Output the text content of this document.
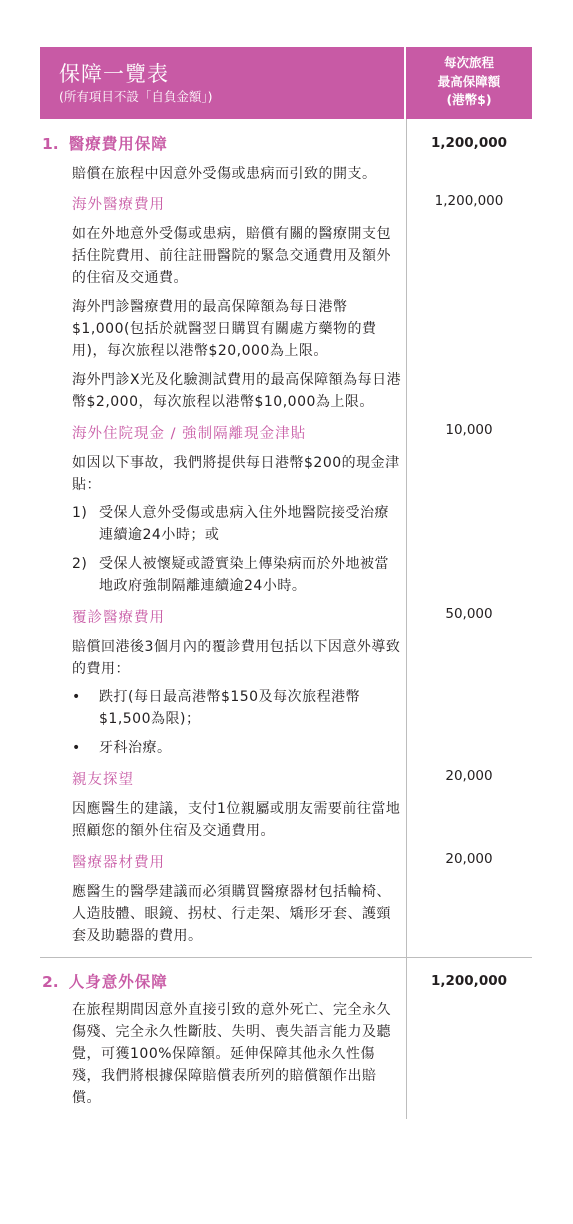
保障一覽表
(所有項目不設「自負金額」)
每次旅程
最高保障額
(港幣$)
1. 醫療費用保障	1,200,000
賠償在旅程中因意外受傷或患病而引致的開支。
海外醫療費用	1,200,000
如在外地意外受傷或患病，賠償有關的醫療開支包括住院費用、前往註冊醫院的緊急交通費用及額外的住宿及交通費。
海外門診醫療費用的最高保障額為每日港幣$1,000(包括於就醫翌日購買有關處方藥物的費用)，每次旅程以港幣$20,000為上限。
海外門診X光及化驗測試費用的最高保障額為每日港幣$2,000，每次旅程以港幣$10,000為上限。
海外住院現金 / 強制隔離現金津貼	10,000
如因以下事故，我們將提供每日港幣$200的現金津貼：
1) 受保人意外受傷或患病入住外地醫院接受治療連續逾24小時；或
2) 受保人被懷疑或證實染上傳染病而於外地被當地政府強制隔離連續逾24小時。
覆診醫療費用	50,000
賠償回港後3個月內的覆診費用包括以下因意外導致的費用：
•	跌打(每日最高港幣$150及每次旅程港幣$1,500為限)；
•	牙科治療。
親友探望	20,000
因應醫生的建議，支付1位親屬或朋友需要前往當地照顧您的額外住宿及交通費用。
醫療器材費用	20,000
應醫生的醫學建議而必須購買醫療器材包括輪椅、人造肢體、眼鏡、拐杖、行走架、矯形牙套、護頸套及助聽器的費用。
2. 人身意外保障	1,200,000
在旅程期間因意外直接引致的意外死亡、完全永久傷殘、完全永久性斷肢、失明、喪失語言能力及聽覺，可獲100%保障額。延伸保障其他永久性傷殘，我們將根據保障賠償表所列的賠償額作出賠償。
